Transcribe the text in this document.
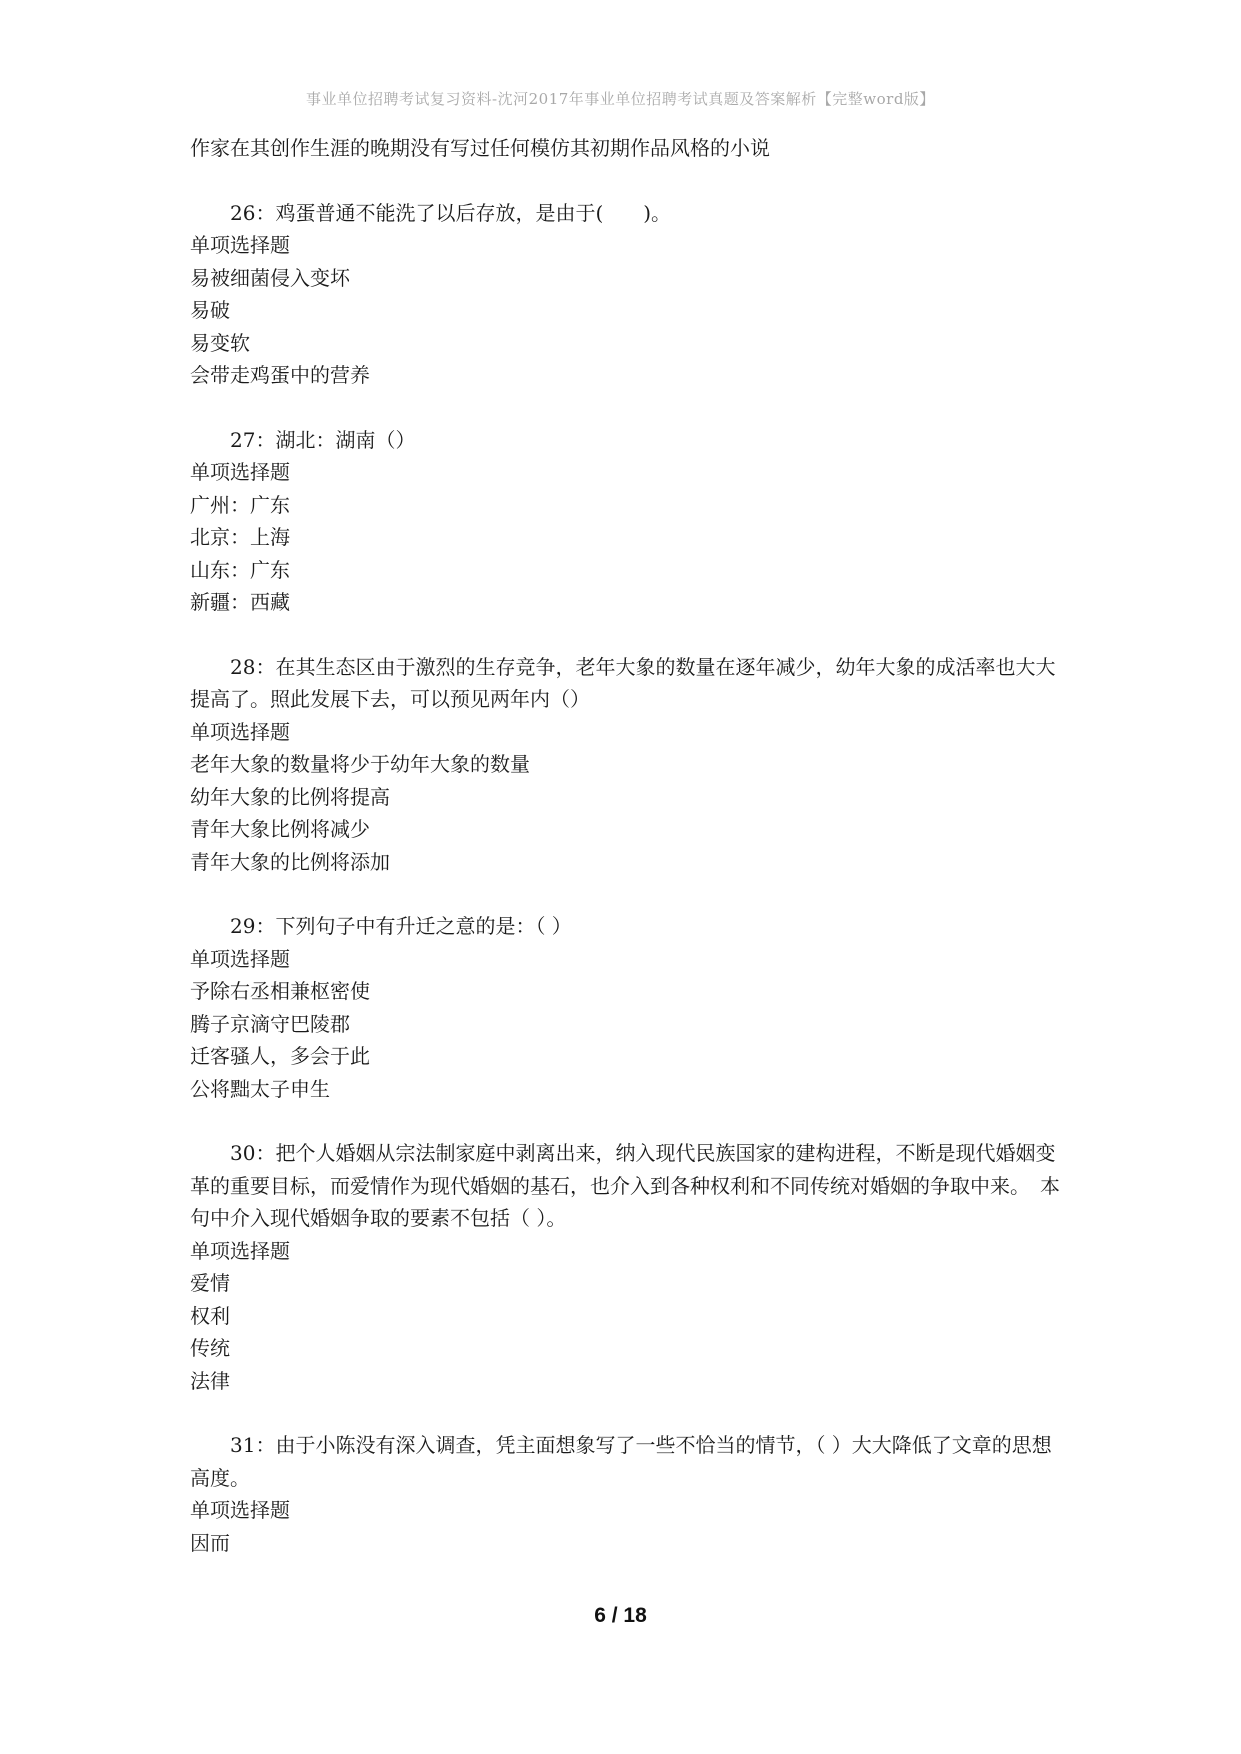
事业单位招聘考试复习资料-沈河2017年事业单位招聘考试真题及答案解析【完整word版】
作家在其创作生涯的晚期没有写过任何模仿其初期作品风格的小说
26：鸡蛋普通不能洗了以后存放，是由于(　　)。
单项选择题
易被细菌侵入变坏
易破
易变软
会带走鸡蛋中的营养
27：湖北：湖南（）
单项选择题
广州：广东
北京：上海
山东：广东
新疆：西藏
28：在其生态区由于激烈的生存竞争，老年大象的数量在逐年减少，幼年大象的成活率也大大提高了。照此发展下去，可以预见两年内（）
单项选择题
老年大象的数量将少于幼年大象的数量
幼年大象的比例将提高
青年大象比例将减少
青年大象的比例将添加
29：下列句子中有升迁之意的是：（ ）
单项选择题
予除右丞相兼枢密使
腾子京滴守巴陵郡
迁客骚人，多会于此
公将黜太子申生
30：把个人婚姻从宗法制家庭中剥离出来，纳入现代民族国家的建构进程，不断是现代婚姻变革的重要目标，而爱情作为现代婚姻的基石，也介入到各种权利和不同传统对婚姻的争取中来。　本句中介入现代婚姻争取的要素不包括（ ）。
单项选择题
爱情
权利
传统
法律
31：由于小陈没有深入调查，凭主面想象写了一些不恰当的情节，（ ）大大降低了文章的思想高度。
单项选择题
因而
6 / 18
